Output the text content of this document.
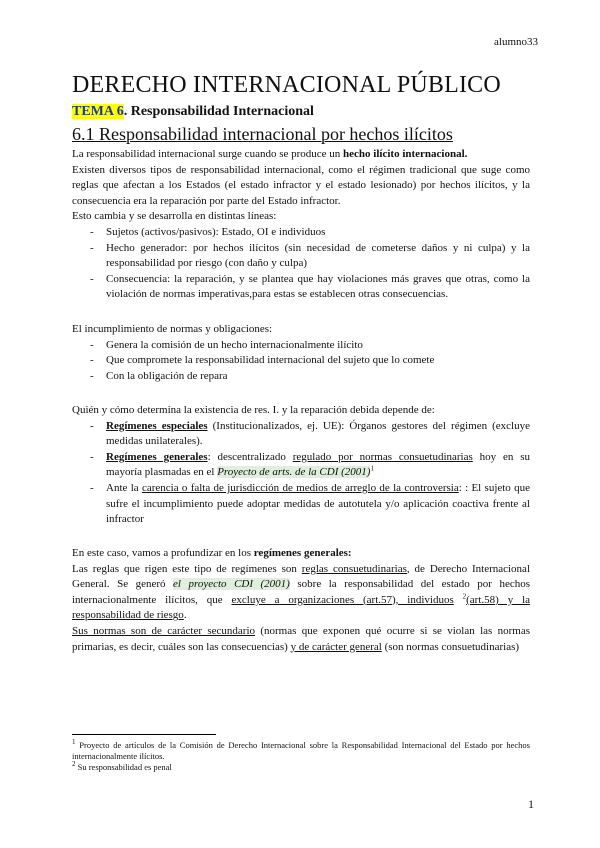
alumno33
DERECHO INTERNACIONAL PÚBLICO
TEMA 6. Responsabilidad Internacional
6.1 Responsabilidad internacional por hechos ilícitos

La responsabilidad internacional surge cuando se produce un hecho ilícito internacional.

Existen diversos tipos de responsabilidad internacional, como el régimen tradicional que suge como reglas que afectan a los Estados (el estado infractor y el estado lesionado) por hechos ilícitos, y la consecuencia era la reparación por parte del Estado infractor.

Esto cambia y se desarrolla en distintas líneas:

- Sujetos (activos/pasivos): Estado, OI e individuos
- Hecho generador: por hechos ilícitos (sin necesidad de cometerse daños y ni culpa) y la responsabilidad por riesgo (con daño y culpa)
- Consecuencia: la reparación, y se plantea que hay violaciones más graves que otras, como la violación de normas imperativas,para estas se establecen otras consecuencias.

El incumplimiento de normas y obligaciones:

- Genera la comisión de un hecho internacionalmente ilícito
- Que compromete la responsabilidad internacional del sujeto que lo comete
- Con la obligación de repara

Quién y cómo determina la existencia de res. I. y la reparación debida depende de:

- Regímenes especiales (Institucionalizados, ej. UE): Órganos gestores del régimen (excluye medidas unilaterales).
- Regímenes generales: descentralizado regulado por normas consuetudinarias hoy en su mayoría plasmadas en el Proyecto de arts. de la CDI $(2001)^1$
- Ante la carencia o falta de jurisdicción de medios de arreglo de la controversia: : El sujeto que sufre el incumplimiento puede adoptar medidas de autotutela y/o aplicación coactiva frente al infractor

En este caso, vamos a profundizar en los regímenes generales:

Las reglas que rigen este tipo de regímenes son reglas consuetudinarias, de Derecho Internacional General. Se generó el proyecto CDI (2001) sobre la responsabilidad del estado por hechos internacionalmente ilícitos, que excluye a organizaciones (art.57), individuos $^2$(art.58) y la responsabilidad de riesgo.

Sus normas son de carácter secundario (normas que exponen qué ocurre si se violan las normas primarias, es decir, cuáles son las consecuencias) y de carácter general (son normas consuetudinarias)

$^1$ Proyecto de artículos de la Comisión de Derecho Internacional sobre la Responsabilidad Internacional del Estado por hechos internacionalmente ilícitos.

$^2$ Su responsabilidad es penal

1
